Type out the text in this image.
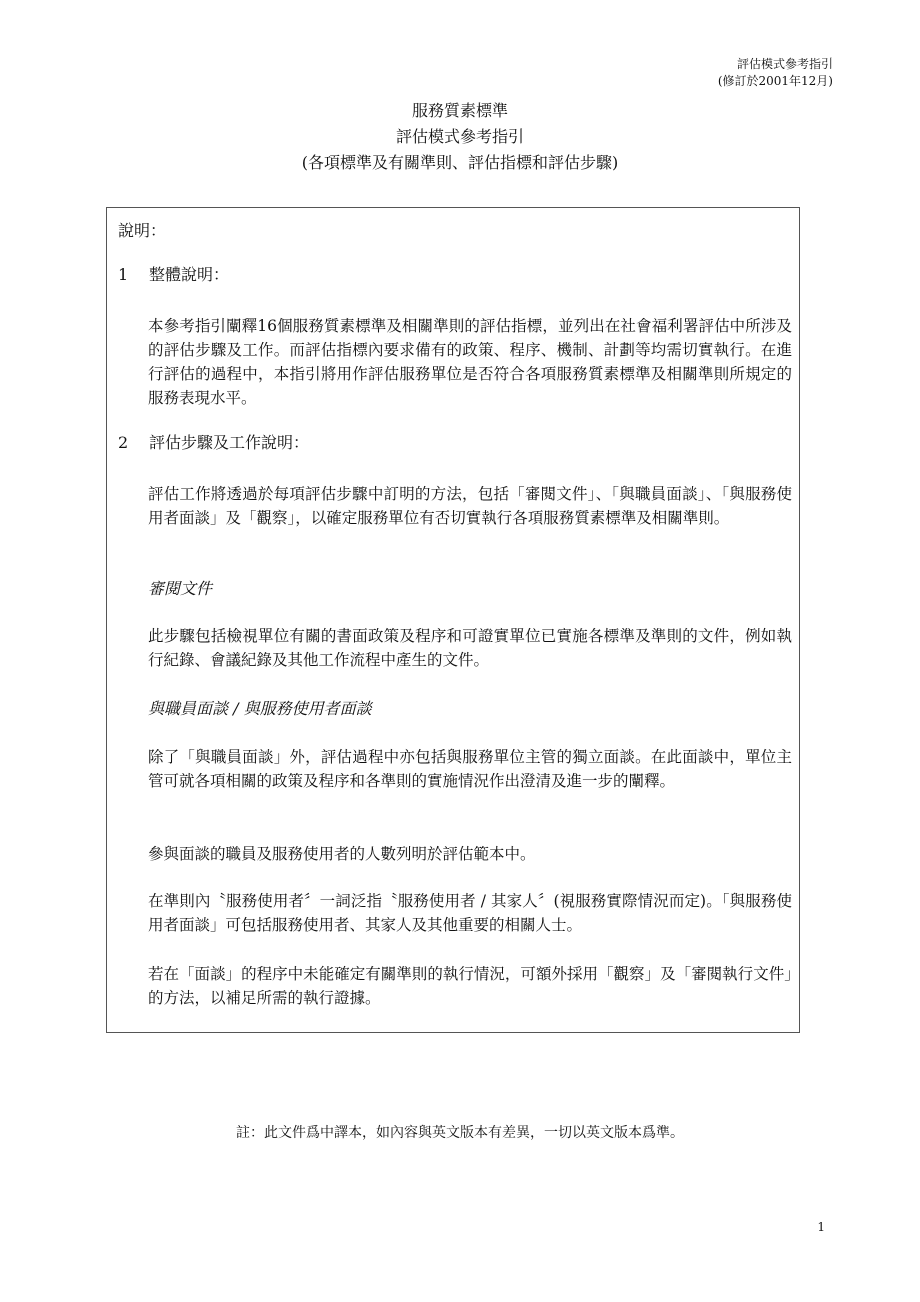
評估模式參考指引
(修訂於2001年12月)
服務質素標準
評估模式參考指引
(各項標準及有關準則、評估指標和評估步驟)
說明：
1 整體說明：
本參考指引闡釋16個服務質素標準及相關準則的評估指標，並列出在社會福利署評估中所涉及的評估步驟及工作。而評估指標內要求備有的政策、程序、機制、計劃等均需切實執行。在進行評估的過程中，本指引將用作評估服務單位是否符合各項服務質素標準及相關準則所規定的服務表現水平。
2 評估步驟及工作說明：
評估工作將透過於每項評估步驟中訂明的方法，包括「審閱文件」、「與職員面談」、「與服務使用者面談」及「觀察」，以確定服務單位有否切實執行各項服務質素標準及相關準則。
審閱文件
此步驟包括檢視單位有關的書面政策及程序和可證實單位已實施各標準及準則的文件，例如執行紀錄、會議紀錄及其他工作流程中產生的文件。
與職員面談 / 與服務使用者面談
除了「與職員面談」外，評估過程中亦包括與服務單位主管的獨立面談。在此面談中，單位主管可就各項相關的政策及程序和各準則的實施情況作出澄清及進一步的闡釋。
參與面談的職員及服務使用者的人數列明於評估範本中。
在準則內〝服務使用者〞一詞泛指〝服務使用者 / 其家人〞(視服務實際情況而定)。「與服務使用者面談」可包括服務使用者、其家人及其他重要的相關人士。
若在「面談」的程序中未能確定有關準則的執行情況，可額外採用「觀察」及「審閱執行文件」的方法，以補足所需的執行證據。
註：此文件爲中譯本，如內容與英文版本有差異，一切以英文版本爲準。
1
